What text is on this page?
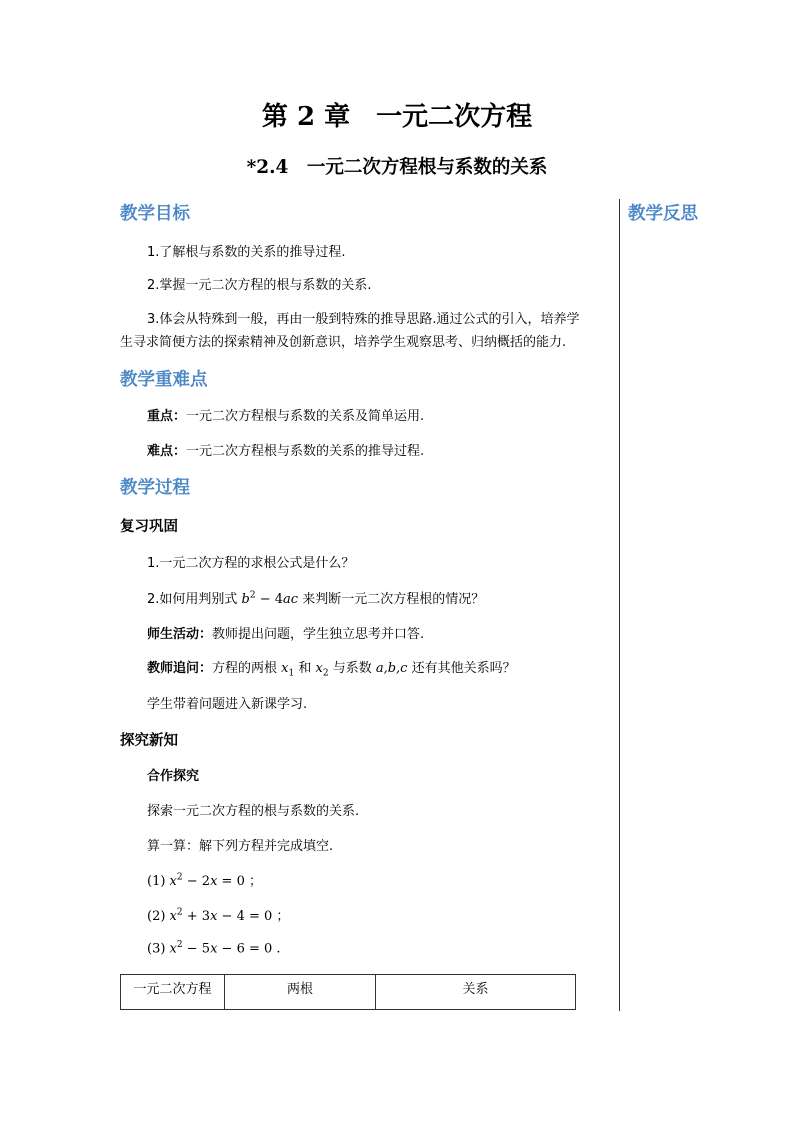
第 2 章　一元二次方程
*2.4　一元二次方程根与系数的关系
教学反思
教学目标
1.了解根与系数的关系的推导过程.
2.掌握一元二次方程的根与系数的关系.
3.体会从特殊到一般，再由一般到特殊的推导思路.通过公式的引入，培养学
生寻求简便方法的探索精神及创新意识，培养学生观察思考、归纳概括的能力.
教学重难点
重点：一元二次方程根与系数的关系及简单运用.
难点：一元二次方程根与系数的关系的推导过程.
教学过程
复习巩固
1.一元二次方程的求根公式是什么？
2.如何用判别式 $b^2 - 4ac$ 来判断一元二次方程根的情况？
师生活动：教师提出问题，学生独立思考并口答.
教师追问：方程的两根 $x_1$ 和 $x_2$ 与系数 a,b,c 还有其他关系吗？
学生带着问题进入新课学习.
探究新知
合作探究
探索一元二次方程的根与系数的关系.
算一算：解下列方程并完成填空.
(1) $x^2 - 2x = 0$ ；
(2) $x^2 + 3x - 4 = 0$ ；
(3) $x^2 - 5x - 6 = 0$ .
一元二次方程	两根	关系
